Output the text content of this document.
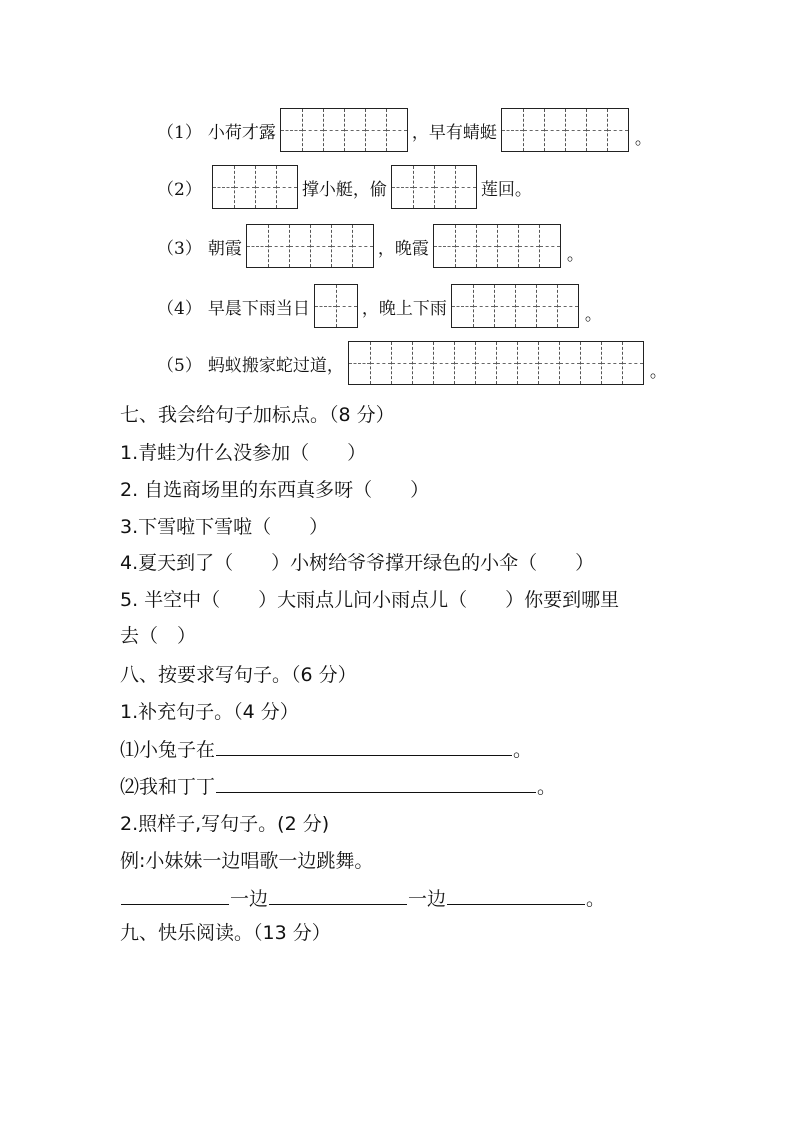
（1） 小荷才露	，早有蜻蜓	。
（2）	撑小艇，偷	莲回。
（3） 朝霞	，晚霞	。
（4） 早晨下雨当日	，晚上下雨	。
（5） 蚂蚁搬家蛇过道，	。
七、我会给句子加标点。（8 分）
1.青蛙为什么没参加（　　）
2. 自选商场里的东西真多呀（　　）
3.下雪啦下雪啦（　　）
4.夏天到了（　　）小树给爷爷撑开绿色的小伞（　　）
5. 半空中（　　）大雨点儿问小雨点儿（　　）你要到哪里
去（　）
八、按要求写句子。（6 分）
1.补充句子。（4 分）
⑴小兔子在	。
⑵我和丁丁	。
2.照样子,写句子。(2 分)
例:小妹妹一边唱歌一边跳舞。
一边	一边	。
九、快乐阅读。（13 分）
